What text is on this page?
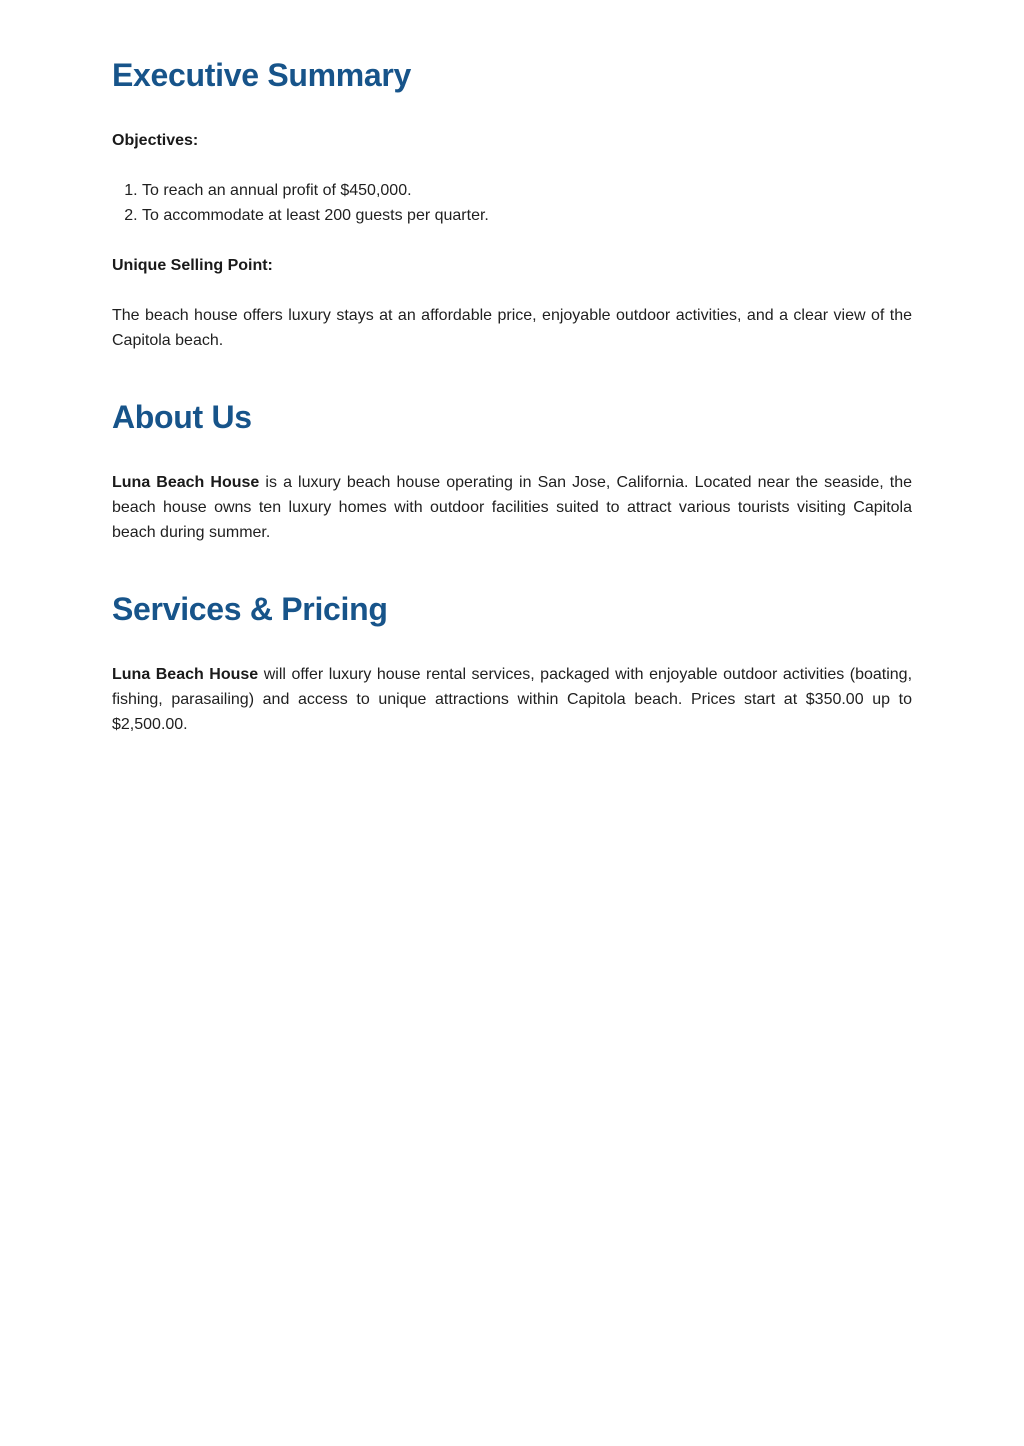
Executive Summary

Objectives:

1. To reach an annual profit of $450,000.
2. To accommodate at least 200 guests per quarter.

Unique Selling Point:

The beach house offers luxury stays at an affordable price, enjoyable outdoor activities, and a clear view of the Capitola beach.

About Us

Luna Beach House is a luxury beach house operating in San Jose, California. Located near the seaside, the beach house owns ten luxury homes with outdoor facilities suited to attract various tourists visiting Capitola beach during summer.

Services & Pricing

Luna Beach House will offer luxury house rental services, packaged with enjoyable outdoor activities (boating, fishing, parasailing) and access to unique attractions within Capitola beach. Prices start at $350.00 up to $2,500.00.
